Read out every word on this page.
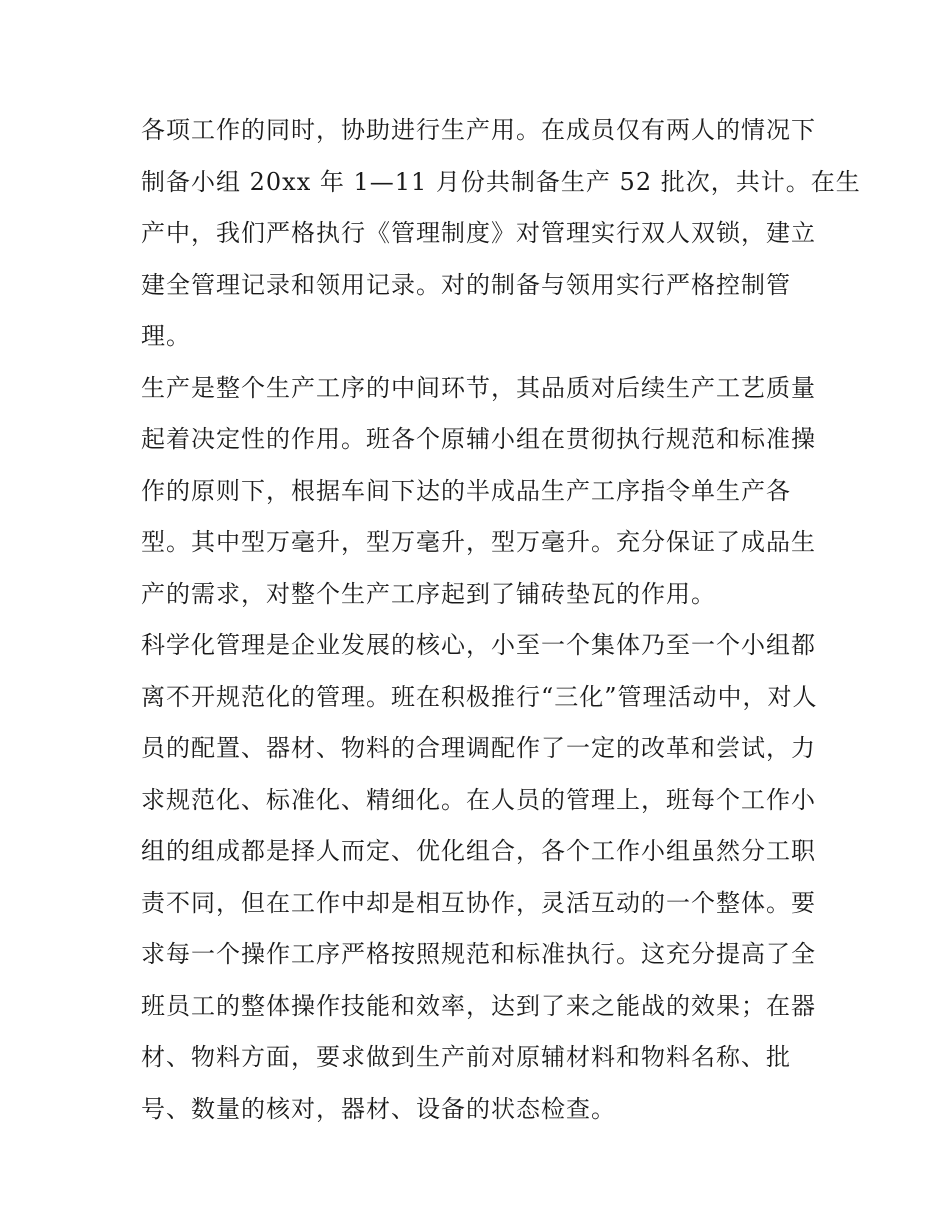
各项工作的同时，协助进行生产用。在成员仅有两人的情况下
制备小组 20xx 年 1—11 月份共制备生产 52 批次，共计。在生
产中，我们严格执行《管理制度》对管理实行双人双锁，建立
建全管理记录和领用记录。对的制备与领用实行严格控制管
理。
生产是整个生产工序的中间环节，其品质对后续生产工艺质量
起着决定性的作用。班各个原辅小组在贯彻执行规范和标准操
作的原则下，根据车间下达的半成品生产工序指令单生产各
型。其中型万毫升，型万毫升，型万毫升。充分保证了成品生
产的需求，对整个生产工序起到了铺砖垫瓦的作用。
科学化管理是企业发展的核心，小至一个集体乃至一个小组都
离不开规范化的管理。班在积极推行“三化”管理活动中，对人
员的配置、器材、物料的合理调配作了一定的改革和尝试，力
求规范化、标准化、精细化。在人员的管理上，班每个工作小
组的组成都是择人而定、优化组合，各个工作小组虽然分工职
责不同，但在工作中却是相互协作，灵活互动的一个整体。要
求每一个操作工序严格按照规范和标准执行。这充分提高了全
班员工的整体操作技能和效率，达到了来之能战的效果；在器
材、物料方面，要求做到生产前对原辅材料和物料名称、批
号、数量的核对，器材、设备的状态检查。
